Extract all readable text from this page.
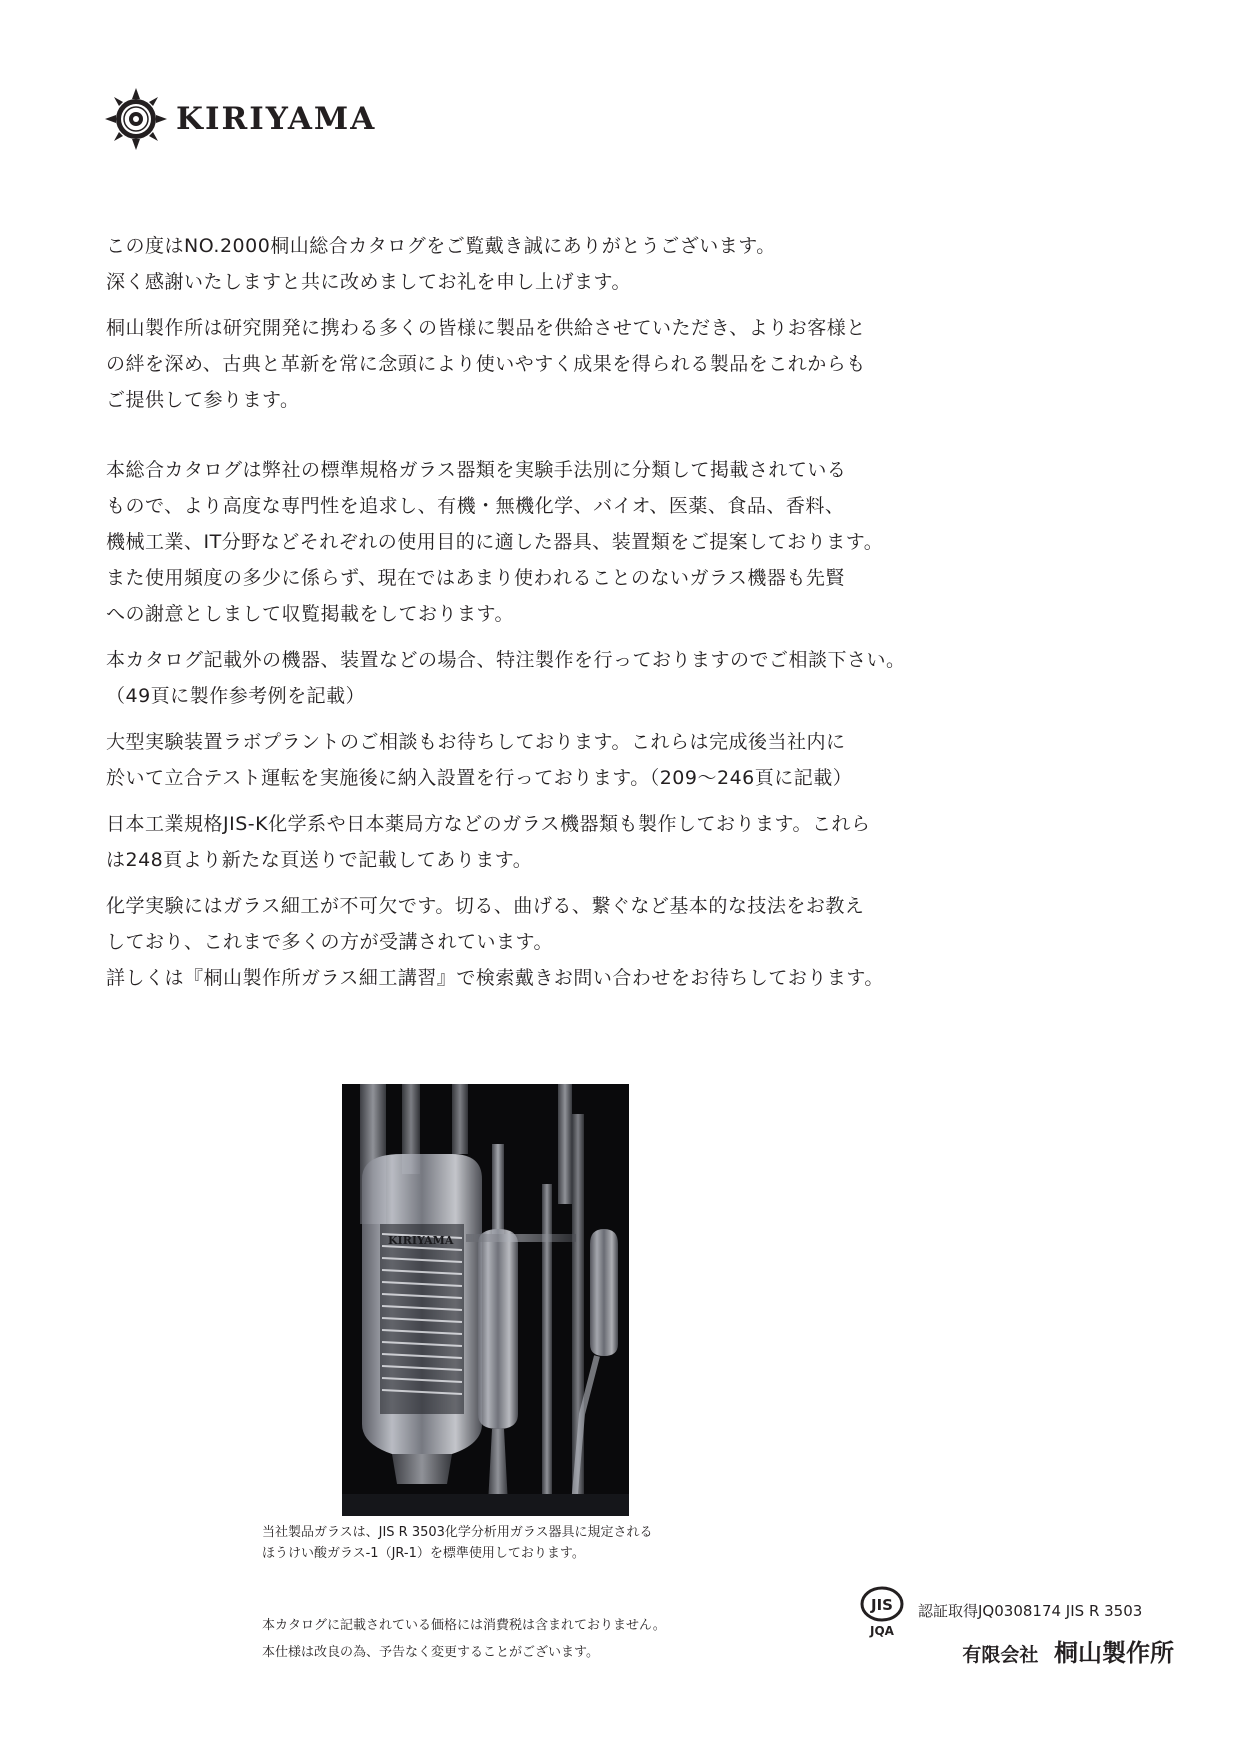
KIRIYAMA

この度はNO.2000桐山総合カタログをご覧戴き誠にありがとうございます。
深く感謝いたしますと共に改めましてお礼を申し上げます。

桐山製作所は研究開発に携わる多くの皆様に製品を供給させていただき、よりお客様と
の絆を深め、古典と革新を常に念頭により使いやすく成果を得られる製品をこれからも
ご提供して参ります。

本総合カタログは弊社の標準規格ガラス器類を実験手法別に分類して掲載されている
もので、より高度な専門性を追求し、有機・無機化学、バイオ、医薬、食品、香料、
機械工業、IT分野などそれぞれの使用目的に適した器具、装置類をご提案しております。
また使用頻度の多少に係らず、現在ではあまり使われることのないガラス機器も先賢
への謝意としまして収覧掲載をしております。

本カタログ記載外の機器、装置などの場合、特注製作を行っておりますのでご相談下さい。
（49頁に製作参考例を記載）

大型実験装置ラボプラントのご相談もお待ちしております。これらは完成後当社内に
於いて立合テスト運転を実施後に納入設置を行っております。（209〜246頁に記載）

日本工業規格JIS-K化学系や日本薬局方などのガラス機器類も製作しております。これら
は248頁より新たな頁送りで記載してあります。

化学実験にはガラス細工が不可欠です。切る、曲げる、繋ぐなど基本的な技法をお教え
しており、これまで多くの方が受講されています。
詳しくは『桐山製作所ガラス細工講習』で検索戴きお問い合わせをお待ちしております。

KIRIYAMA
当社製品ガラスは、JIS R 3503化学分析用ガラス器具に規定される
ほうけい酸ガラス-1（JR-1）を標準使用しております。
本カタログに記載されている価格には消費税は含まれておりません。
本仕様は改良の為、予告なく変更することがございます。
JIS
JQA
認証取得JQ0308174 JIS R 3503
有限会社 桐山製作所
